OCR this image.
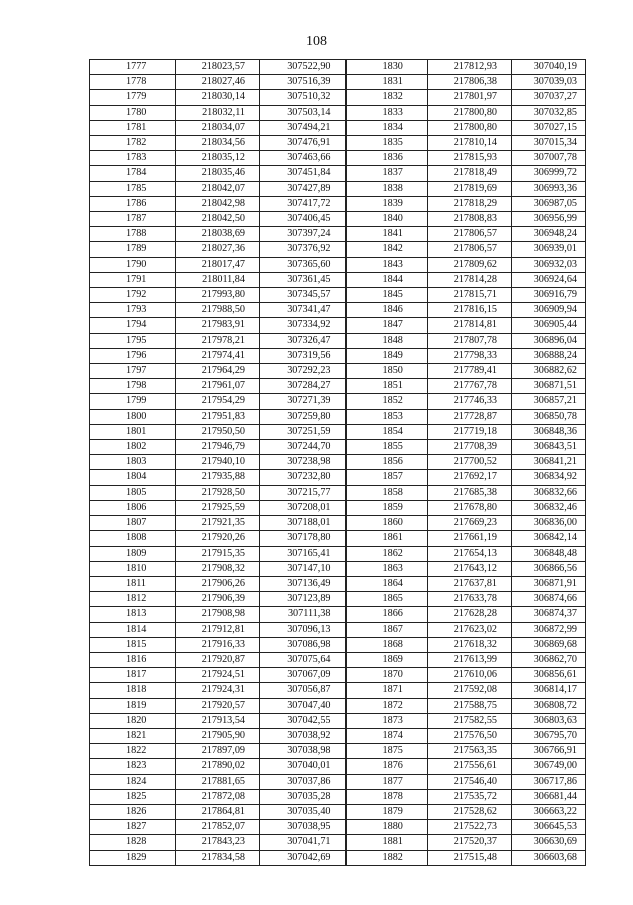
108
1777	218023,57	307522,90	1830	217812,93	307040,19
1778	218027,46	307516,39	1831	217806,38	307039,03
1779	218030,14	307510,32	1832	217801,97	307037,27
1780	218032,11	307503,14	1833	217800,80	307032,85
1781	218034,07	307494,21	1834	217800,80	307027,15
1782	218034,56	307476,91	1835	217810,14	307015,34
1783	218035,12	307463,66	1836	217815,93	307007,78
1784	218035,46	307451,84	1837	217818,49	306999,72
1785	218042,07	307427,89	1838	217819,69	306993,36
1786	218042,98	307417,72	1839	217818,29	306987,05
1787	218042,50	307406,45	1840	217808,83	306956,99
1788	218038,69	307397,24	1841	217806,57	306948,24
1789	218027,36	307376,92	1842	217806,57	306939,01
1790	218017,47	307365,60	1843	217809,62	306932,03
1791	218011,84	307361,45	1844	217814,28	306924,64
1792	217993,80	307345,57	1845	217815,71	306916,79
1793	217988,50	307341,47	1846	217816,15	306909,94
1794	217983,91	307334,92	1847	217814,81	306905,44
1795	217978,21	307326,47	1848	217807,78	306896,04
1796	217974,41	307319,56	1849	217798,33	306888,24
1797	217964,29	307292,23	1850	217789,41	306882,62
1798	217961,07	307284,27	1851	217767,78	306871,51
1799	217954,29	307271,39	1852	217746,33	306857,21
1800	217951,83	307259,80	1853	217728,87	306850,78
1801	217950,50	307251,59	1854	217719,18	306848,36
1802	217946,79	307244,70	1855	217708,39	306843,51
1803	217940,10	307238,98	1856	217700,52	306841,21
1804	217935,88	307232,80	1857	217692,17	306834,92
1805	217928,50	307215,77	1858	217685,38	306832,66
1806	217925,59	307208,01	1859	217678,80	306832,46
1807	217921,35	307188,01	1860	217669,23	306836,00
1808	217920,26	307178,80	1861	217661,19	306842,14
1809	217915,35	307165,41	1862	217654,13	306848,48
1810	217908,32	307147,10	1863	217643,12	306866,56
1811	217906,26	307136,49	1864	217637,81	306871,91
1812	217906,39	307123,89	1865	217633,78	306874,66
1813	217908,98	307111,38	1866	217628,28	306874,37
1814	217912,81	307096,13	1867	217623,02	306872,99
1815	217916,33	307086,98	1868	217618,32	306869,68
1816	217920,87	307075,64	1869	217613,99	306862,70
1817	217924,51	307067,09	1870	217610,06	306856,61
1818	217924,31	307056,87	1871	217592,08	306814,17
1819	217920,57	307047,40	1872	217588,75	306808,72
1820	217913,54	307042,55	1873	217582,55	306803,63
1821	217905,90	307038,92	1874	217576,50	306795,70
1822	217897,09	307038,98	1875	217563,35	306766,91
1823	217890,02	307040,01	1876	217556,61	306749,00
1824	217881,65	307037,86	1877	217546,40	306717,86
1825	217872,08	307035,28	1878	217535,72	306681,44
1826	217864,81	307035,40	1879	217528,62	306663,22
1827	217852,07	307038,95	1880	217522,73	306645,53
1828	217843,23	307041,71	1881	217520,37	306630,69
1829	217834,58	307042,69	1882	217515,48	306603,68
